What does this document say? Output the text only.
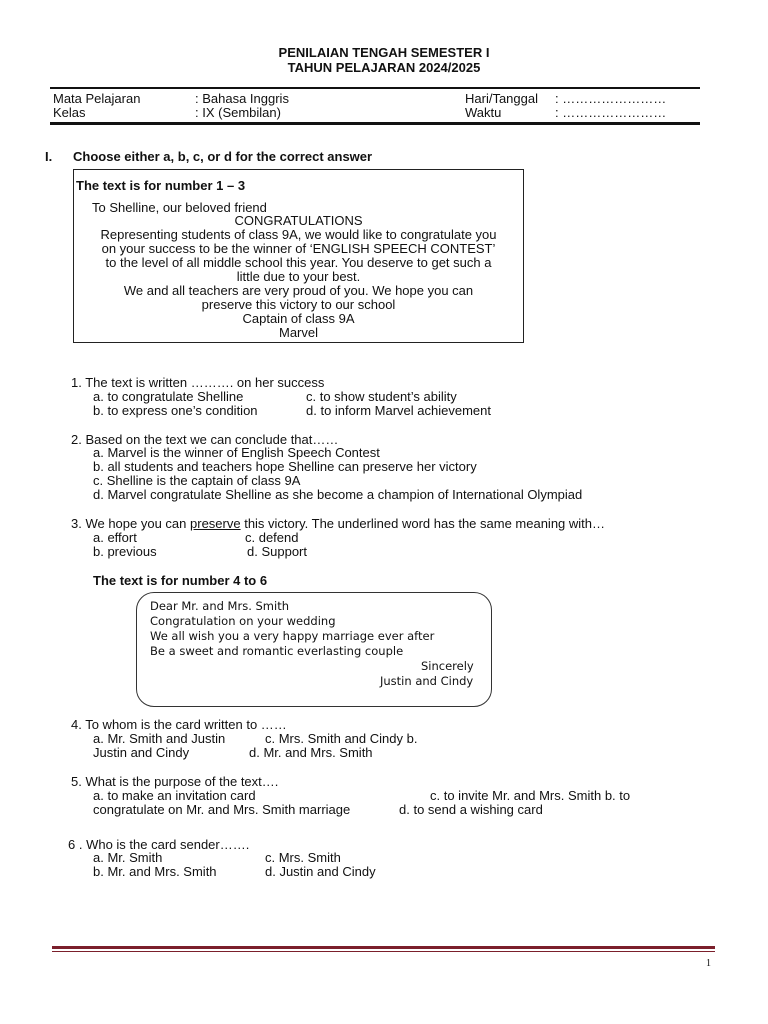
PENILAIAN TENGAH SEMESTER I
TAHUN PELAJARAN 2024/2025
Mata Pelajaran	: Bahasa Inggris	Hari/Tanggal : ……………………
Kelas	: IX (Sembilan)	Waktu	: ……………………
I. Choose either a, b, c, or d for the correct answer
The text is for number 1 – 3
To Shelline, our beloved friend
CONGRATULATIONS
Representing students of class 9A, we would like to congratulate you
on your success to be the winner of ‘ENGLISH SPEECH CONTEST’
to the level of all middle school this year. You deserve to get such a
little due to your best.
We and all teachers are very proud of you. We hope you can
preserve this victory to our school
Captain of class 9A
Marvel
1. The text is written ………. on her success
a. to congratulate Shelline	c. to show student’s ability
b. to express one’s condition	d. to inform Marvel achievement
2. Based on the text we can conclude that……
a. Marvel is the winner of English Speech Contest
b. all students and teachers hope Shelline can preserve her victory
c. Shelline is the captain of class 9A
d. Marvel congratulate Shelline as she become a champion of International Olympiad
3. We hope you can preserve this victory. The underlined word has the same meaning with…
a. effort	c. defend
b. previous	d. Support
The text is for number 4 to 6
Dear Mr. and Mrs. Smith
Congratulation on your wedding
We all wish you a very happy marriage ever after
Be a sweet and romantic everlasting couple
Sincerely
Justin and Cindy
4. To whom is the card written to ……
a. Mr. Smith and Justin	c. Mrs. Smith and Cindy b.
Justin and Cindy	d. Mr. and Mrs. Smith
5. What is the purpose of the text….
a. to make an invitation card	c. to invite Mr. and Mrs. Smith b. to
congratulate on Mr. and Mrs. Smith marriage	d. to send a wishing card
6 . Who is the card sender…….
a. Mr. Smith	c. Mrs. Smith
b. Mr. and Mrs. Smith	d. Justin and Cindy
1
